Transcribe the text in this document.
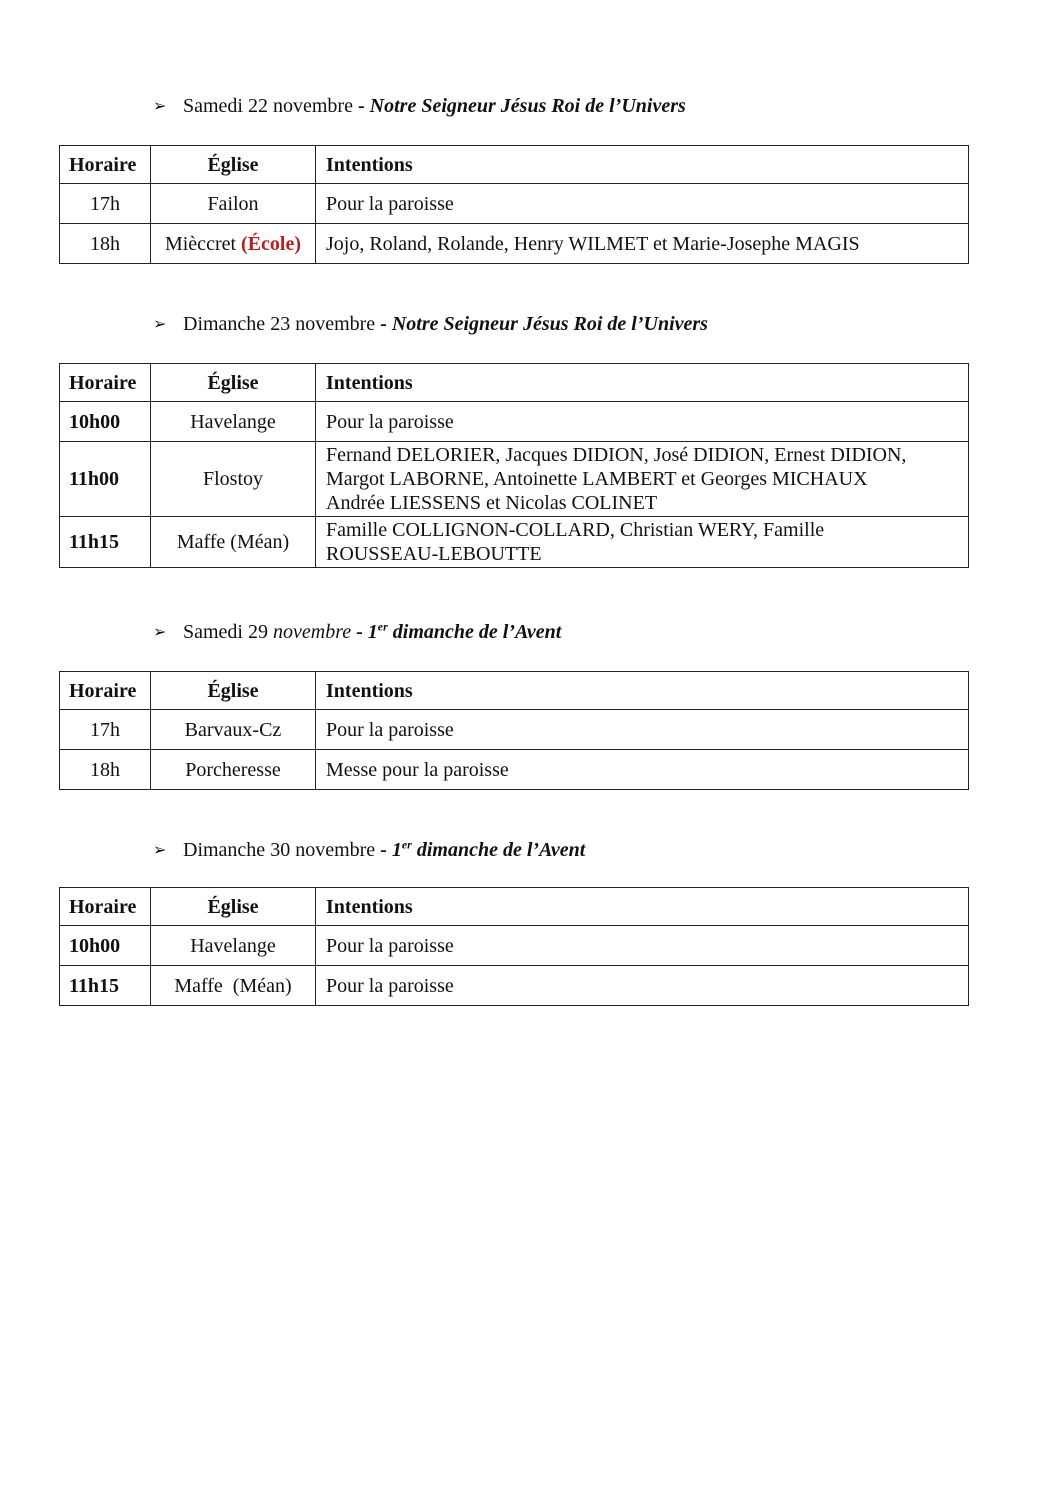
➢ Samedi 22 novembre - Notre Seigneur Jésus Roi de l’Univers
Horaire	Église	Intentions
17h	Failon	Pour la paroisse
18h	Mièccret (École)	Jojo, Roland, Rolande, Henry WILMET et Marie-Josephe MAGIS
➢ Dimanche 23 novembre - Notre Seigneur Jésus Roi de l’Univers
Horaire	Église	Intentions
10h00	Havelange	Pour la paroisse
11h00	Flostoy	Fernand DELORIER, Jacques DIDION, José DIDION, Ernest DIDION,
Margot LABORNE, Antoinette LAMBERT et Georges MICHAUX
Andrée LIESSENS et Nicolas COLINET

11h15	Maffe (Méan)	Famille COLLIGNON-COLLARD, Christian WERY, Famille
ROUSSEAU-LEBOUTTE
➢ Samedi 29 novembre - 1er dimanche de l’Avent
Horaire	Église	Intentions
17h	Barvaux-Cz	Pour la paroisse
18h	Porcheresse	Messe pour la paroisse
➢ Dimanche 30 novembre - 1er dimanche de l’Avent
Horaire	Église	Intentions
10h00	Havelange	Pour la paroisse
11h15	Maffe  (Méan)	Pour la paroisse
